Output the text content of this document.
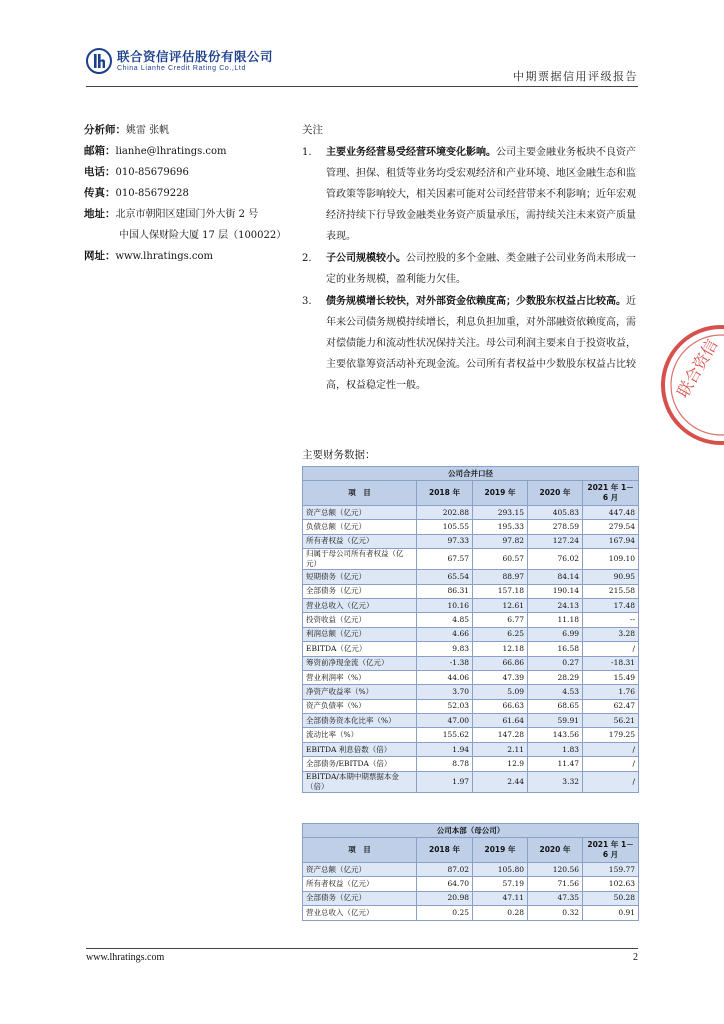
联合资信评估股份有限公司
China Lianhe Credit Rating Co.,Ltd
中期票据信用评级报告
分析师：姚雷 张帆
邮箱：lianhe@lhratings.com
电话：010-85679696
传真：010-85679228
地址：北京市朝阳区建国门外大街 2 号
中国人保财险大厦 17 层（100022）
网址：www.lhratings.com
关注
1.	主要业务经营易受经营环境变化影响。公司主要金融业务板块不良资产管理、担保、租赁等业务均受宏观经济和产业环境、地区金融生态和监管政策等影响较大，相关因素可能对公司经营带来不利影响；近年宏观经济持续下行导致金融类业务资产质量承压，需持续关注未来资产质量表现。
2.	子公司规模较小。公司控股的多个金融、类金融子公司业务尚未形成一定的业务规模，盈利能力欠佳。
3.	债务规模增长较快，对外部资金依赖度高；少数股东权益占比较高。近年来公司债务规模持续增长，利息负担加重，对外部融资依赖度高，需对偿债能力和流动性状况保持关注。母公司利润主要来自于投资收益，主要依靠筹资活动补充现金流。公司所有者权益中少数股东权益占比较高，权益稳定性一般。
主要财务数据：
公司合并口径				
项　目	2018 年	2019 年	2020 年	2021 年 1－6 月
资产总额（亿元）	202.88	293.15	405.83	447.48
负债总额（亿元）	105.55	195.33	278.59	279.54
所有者权益（亿元）	97.33	97.82	127.24	167.94
归属于母公司所有者权益（亿元）	67.57	60.57	76.02	109.10
短期债务（亿元）	65.54	88.97	84.14	90.95
全部债务（亿元）	86.31	157.18	190.14	215.58
营业总收入（亿元）	10.16	12.61	24.13	17.48
投资收益（亿元）	4.85	6.77	11.18	--
利润总额（亿元）	4.66	6.25	6.99	3.28
EBITDA（亿元）	9.83	12.18	16.58	/
筹资前净现金流（亿元）	-1.38	66.86	0.27	-18.31
营业利润率（%）	44.06	47.39	28.29	15.49
净资产收益率（%）	3.70	5.09	4.53	1.76
资产负债率（%）	52.03	66.63	68.65	62.47
全部债务资本化比率（%）	47.00	61.64	59.91	56.21
流动比率（%）	155.62	147.28	143.56	179.25
EBITDA 利息倍数（倍）	1.94	2.11	1.83	/
全部债务/EBITDA（倍）	8.78	12.9	11.47	/
EBITDA/本期中期票据本金（倍）	1.97	2.44	3.32	/
公司本部（母公司）				
项　目	2018 年	2019 年	2020 年	2021 年 1－6 月
资产总额（亿元）	87.02	105.80	120.56	159.77
所有者权益（亿元）	64.70	57.19	71.56	102.63
全部债务（亿元）	20.98	47.11	47.35	50.28
营业总收入（亿元）	0.25	0.28	0.32	0.91
www.lhratings.com	2
联合资信
